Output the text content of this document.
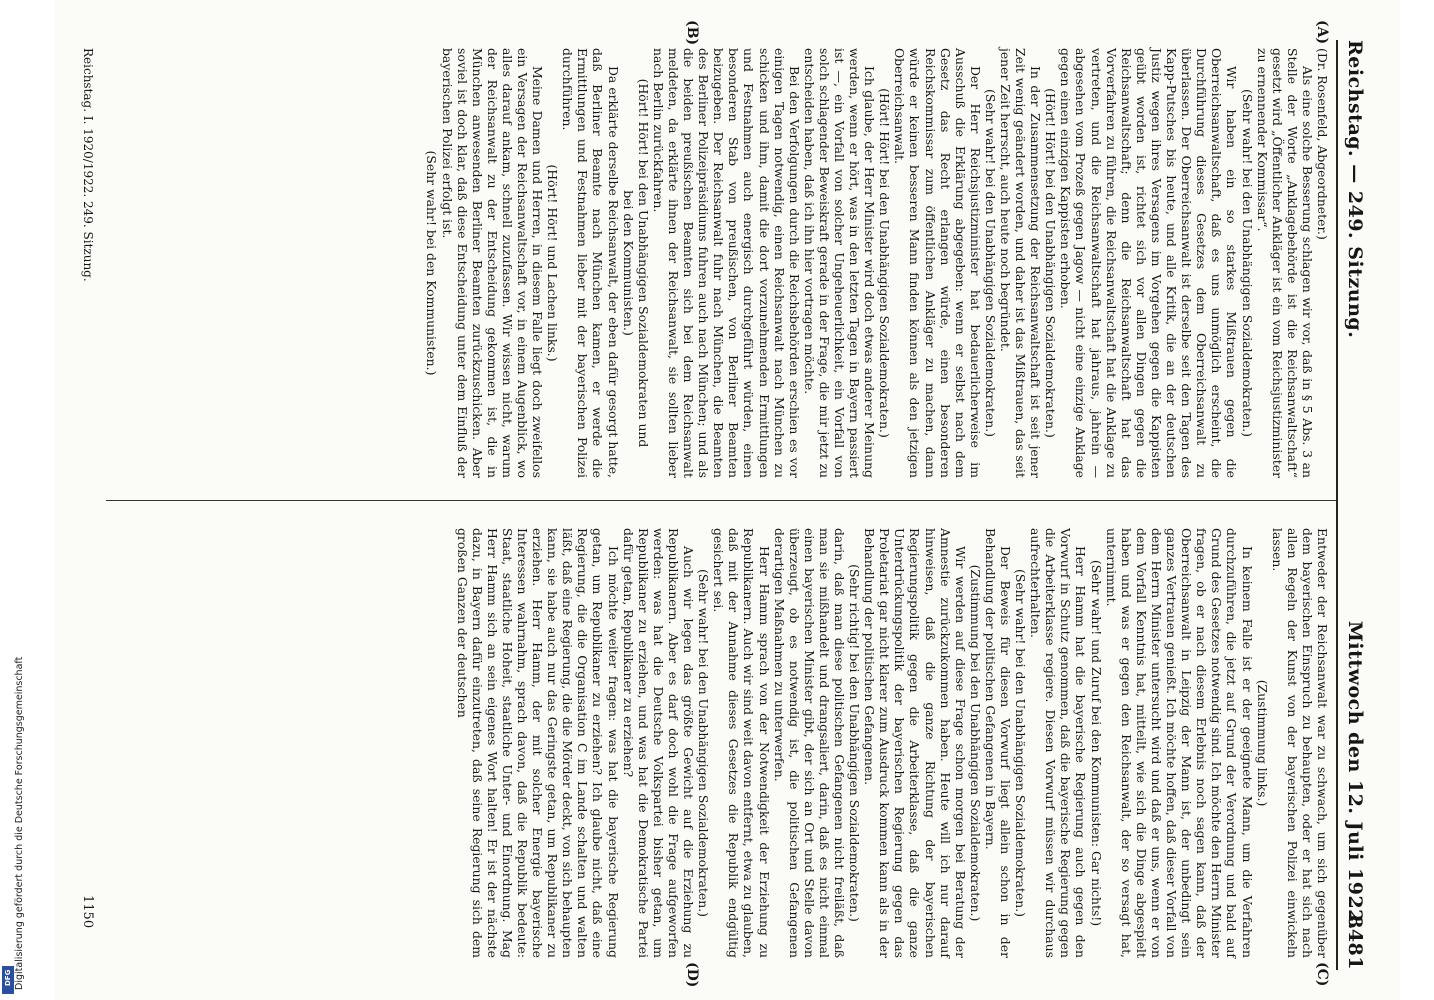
Reichstag. — 249. Sitzung.
Mittwoch den 12. Juli 1922.
8481
(A)
(B)
(C)
(D)

(Dr. Rosenfeld, Abgeordneter.)

Als eine solche Besserung schlagen wir vor, daß in § 5 Abs. 3 an Stelle der Worte „Anklagebehörde ist die Reichsanwaltschaft“ gesetzt wird „Öffentlicher Ankläger ist ein vom Reichsjustizminister zu ernennender Kommissar“.

(Sehr wahr! bei den Unabhängigen Sozialdemokraten.)

Wir haben ein so starkes Mißtrauen gegen die Oberreichsanwaltschaft, daß es uns unmöglich erscheint, die Durchführung dieses Gesetzes dem Oberreichsanwalt zu überlassen. Der Oberreichsanwalt ist derselbe seit den Tagen des Kapp-Putsches bis heute, und alle Kritik, die an der deutschen Justiz wegen ihres Versagens im Vorgehen gegen die Kappisten geübt worden ist, richtet sich vor allen Dingen gegen die Reichsanwaltschaft; denn die Reichsanwaltschaft hat das Vorverfahren zu führen, die Reichsanwaltschaft hat die Anklage zu vertreten, und die Reichsanwaltschaft hat jahraus, jahrein — abgesehen vom Prozeß gegen Jagow — nicht eine einzige Anklage gegen einen einzigen Kappisten erhoben.

(Hört! Hört! bei den Unabhängigen Sozialdemokraten.)

In der Zusammensetzung der Reichsanwaltschaft ist seit jener Zeit wenig geändert worden, und daher ist das Mißtrauen, das seit jener Zeit herrscht, auch heute noch begründet.

(Sehr wahr! bei den Unabhängigen Sozialdemokraten.)

Der Herr Reichsjustizminister hat bedauerlicherweise im Ausschuß die Erklärung abgegeben: wenn er selbst nach dem Gesetz das Recht erlangen würde, einen besonderen Reichskommissar zum öffentlichen Ankläger zu machen, dann würde er keinen besseren Mann finden können als den jetzigen Oberreichsanwalt.

(Hört! Hört! bei den Unabhängigen Sozialdemokraten.)

Ich glaube, der Herr Minister wird doch etwas anderer Meinung werden, wenn er hört, was in den letzten Tagen in Bayern passiert ist —, ein Vorfall von solcher Ungeheuerlichkeit, ein Vorfall von solch schlagender Beweiskraft gerade in der Frage, die mir jetzt zu entscheiden haben, daß ich ihn hier vortragen möchte.

Bei den Verfolgungen durch die Reichsbehörden erschien es vor einigen Tagen notwendig, einen Reichsanwalt nach München zu schicken und ihm, damit die dort vorzunehmenden Ermittlungen und Festnahmen auch energisch durchgeführt würden, einen besonderen Stab von preußischen, von Berliner Beamten beizugeben. Der Reichsanwalt fuhr nach München, die Beamten des Berliner Polizeipräsidiums fuhren auch nach München; und als die beiden preußischen Beamten sich bei dem Reichsanwalt meldeten, da erklärte ihnen der Reichsanwalt, sie sollten lieber nach Berlin zurückfahren.

(Hört! Hört! bei den Unabhängigen Sozialdemokraten und bei den Kommunisten.)

Da erklärte derselbe Reichsanwalt, der eben dafür gesorgt hatte, daß Berliner Beamte nach München kamen, er werde die Ermittlungen und Festnahmen lieber mit der bayerischen Polizei durchführen.

(Hört! Hört! und Lachen links.)

Meine Damen und Herren, in diesem Falle liegt doch zweifellos ein Versagen der Reichsanwaltschaft vor, in einem Augenblick, wo alles darauf ankam, schnell zuzufassen. Wir wissen nicht, warum der Reichsanwalt zu der Entscheidung gekommen ist, die in München anwesenden Berliner Beamten zurückzuschicken. Aber soviel ist doch klar, daß diese Entscheidung unter dem Einfluß der bayerischen Polizei erfolgt ist.

(Sehr wahr! bei den Kommunisten.)

Entweder der Reichsanwalt war zu schwach, um sich gegenüber dem bayerischen Einspruch zu behaupten, oder er hat sich nach allen Regeln der Kunst von der bayerischen Polizei einwickeln lassen.

(Zustimmung links.)

In keinem Falle ist er der geeignete Mann, um die Verfahren durchzuführen, die jetzt auf Grund der Verordnung und bald auf Grund des Gesetzes notwendig sind. Ich möchte den Herrn Minister fragen, ob er nach diesem Erlebnis noch sagen kann, daß der Oberreichsanwalt in Leipzig der Mann ist, der unbedingt sein ganzes Vertrauen genießt. Ich möchte hoffen, daß dieser Vorfall von dem Herrn Minister untersucht wird und daß er uns, wenn er von dem Vorfall Kenntnis hat, mitteilt, wie sich die Dinge abgespielt haben und was er gegen den Reichsanwalt, der so versagt hat, unternimmt.

(Sehr wahr! und Zuruf bei den Kommunisten: Gar nichts!)

Herr Hamm hat die bayerische Regierung auch gegen den Vorwurf in Schutz genommen, daß die bayerische Regierung gegen die Arbeiterklasse regiere. Diesen Vorwurf müssen wir durchaus aufrechterhalten.

(Sehr wahr! bei den Unabhängigen Sozialdemokraten.)

Der Beweis für diesen Vorwurf liegt allein schon in der Behandlung der politischen Gefangenen in Bayern.

(Zustimmung bei den Unabhängigen Sozialdemokraten.)

Wir werden auf diese Frage schon morgen bei Beratung der Amnestie zurückzukommen haben. Heute will ich nur darauf hinweisen, daß die ganze Richtung der bayerischen Regierungspolitik gegen die Arbeiterklasse, daß die ganze Unterdrückungspolitik der bayerischen Regierung gegen das Proletariat gar nicht klarer zum Ausdruck kommen kann als in der Behandlung der politischen Gefangenen.

(Sehr richtig! bei den Unabhängigen Sozialdemokraten.)

darin, daß man diese politischen Gefangenen nicht freiläßt, daß man sie mißhandelt und drangsaliert, darin, daß es nicht einmal einen bayerischen Minister gibt, der sich an Ort und Stelle davon überzeugt, ob es notwendig ist, die politischen Gefangenen derartigen Maßnahmen zu unterwerfen.

Herr Hamm sprach von der Notwendigkeit der Erziehung zu Republikanern. Auch wir sind weit davon entfernt, etwa zu glauben, daß mit der Annahme dieses Gesetzes die Republik endgültig gesichert sei.

(Sehr wahr! bei den Unabhängigen Sozialdemokraten.)

Auch wir legen das größte Gewicht auf die Erziehung zu Republikanern. Aber es darf doch wohl die Frage aufgeworfen werden: was hat die Deutsche Volkspartei bisher getan, um Republikaner zu erziehen, und was hat die Demokratische Partei dafür getan, Republikaner zu erziehen?

Ich möchte weiter fragen: was hat die bayerische Regierung getan, um Republikaner zu erziehen? Ich glaube nicht, daß eine Regierung, die die Organisation C im Lande schalten und walten läßt, daß eine Regierung, die die Mörder deckt, von sich behaupten kann, sie habe auch nur das Geringste getan, um Republikaner zu erziehen. Herr Hamm, der mit solcher Energie bayerische Interessen wahrnahm, sprach davon, daß die Republik bedeute: Staat, staatliche Hoheit, staatliche Unter- und Einordnung. Mag Herr Hamm sich an sein eigenes Wort halten! Er ist der nächste dazu, in Bayern dafür einzutreten, daß seine Regierung sich dem großen Ganzen der deutschen

Reichstag. I. 1920/1922. 249. Sitzung.
1150
Digitalisierung gefördert durch die Deutsche Forschungsgemeinschaft
DFG
